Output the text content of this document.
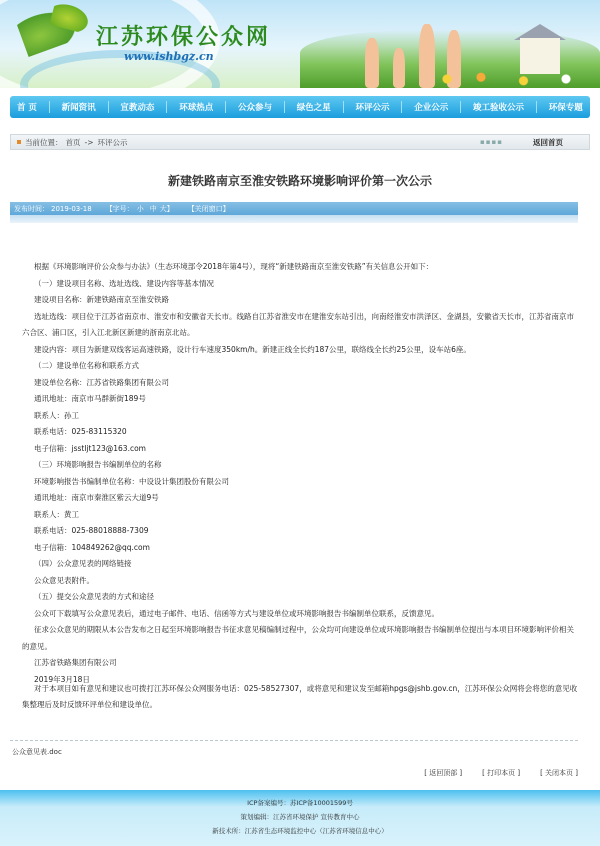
江苏环保公众网
www.ishbgz.cn
首 页	新闻资讯	宣教动态	环球热点	公众参与	绿色之星	环评公示	企业公示	竣工验收公示	环保专题
当前位置： 首页 -> 环评公示	▪▪▪▪	返回首页
新建铁路南京至淮安铁路环境影响评价第一次公示
发布时间： 2019-03-18 【字号： 小 中 大】 【关闭窗口】

根据《环境影响评价公众参与办法》（生态环境部令2018年第4号），现将“新建铁路南京至淮安铁路”有关信息公开如下：

（一）建设项目名称、选址选线、建设内容等基本情况

建设项目名称：新建铁路南京至淮安铁路

选址选线：项目位于江苏省南京市、淮安市和安徽省天长市。线路自江苏省淮安市在建淮安东站引出，向南经淮安市洪泽区、金湖县，安徽省天长市，江苏省南京市六合区、浦口区，引入江北新区新建的浙南京北站。

建设内容：项目为新建双线客运高速铁路，设计行车速度350km/h。新建正线全长约187公里，联络线全长约25公里，设车站6座。

（二）建设单位名称和联系方式

建设单位名称：江苏省铁路集团有限公司

通讯地址：南京市马群新街189号

联系人：孙工

联系电话：025-83115320

电子信箱：jsstljt123@163.com

（三）环境影响报告书编制单位的名称

环境影响报告书编制单位名称：中设设计集团股份有限公司

通讯地址：南京市秦淮区紫云大道9号

联系人：黄工

联系电话：025-88018888-7309

电子信箱：104849262@qq.com

（四）公众意见表的网络链接

公众意见表附件。

（五）提交公众意见表的方式和途径

公众可下载填写公众意见表后，通过电子邮件、电话、信函等方式与建设单位或环境影响报告书编制单位联系，反馈意见。

征求公众意见的期限从本公告发布之日起至环境影响报告书征求意见稿编制过程中，公众均可向建设单位或环境影响报告书编制单位提出与本项目环境影响评价相关的意见。

江苏省铁路集团有限公司

2019年3月18日

对于本项目如有意见和建议也可拨打江苏环保公众网服务电话：025-58527307，或将意见和建议发至邮箱hpgs@jshb.gov.cn，江苏环保公众网将会将您的意见收集整理后及时反馈环评单位和建设单位。

公众意见表.doc
[ 返回顶部 ]	[ 打印本页 ]	[ 关闭本页 ]
ICP备案编号：苏ICP备10001599号
策划编辑：江苏省环境保护 宣传教育中心
新技术所：江苏省生态环境监控中心（江苏省环境信息中心）
